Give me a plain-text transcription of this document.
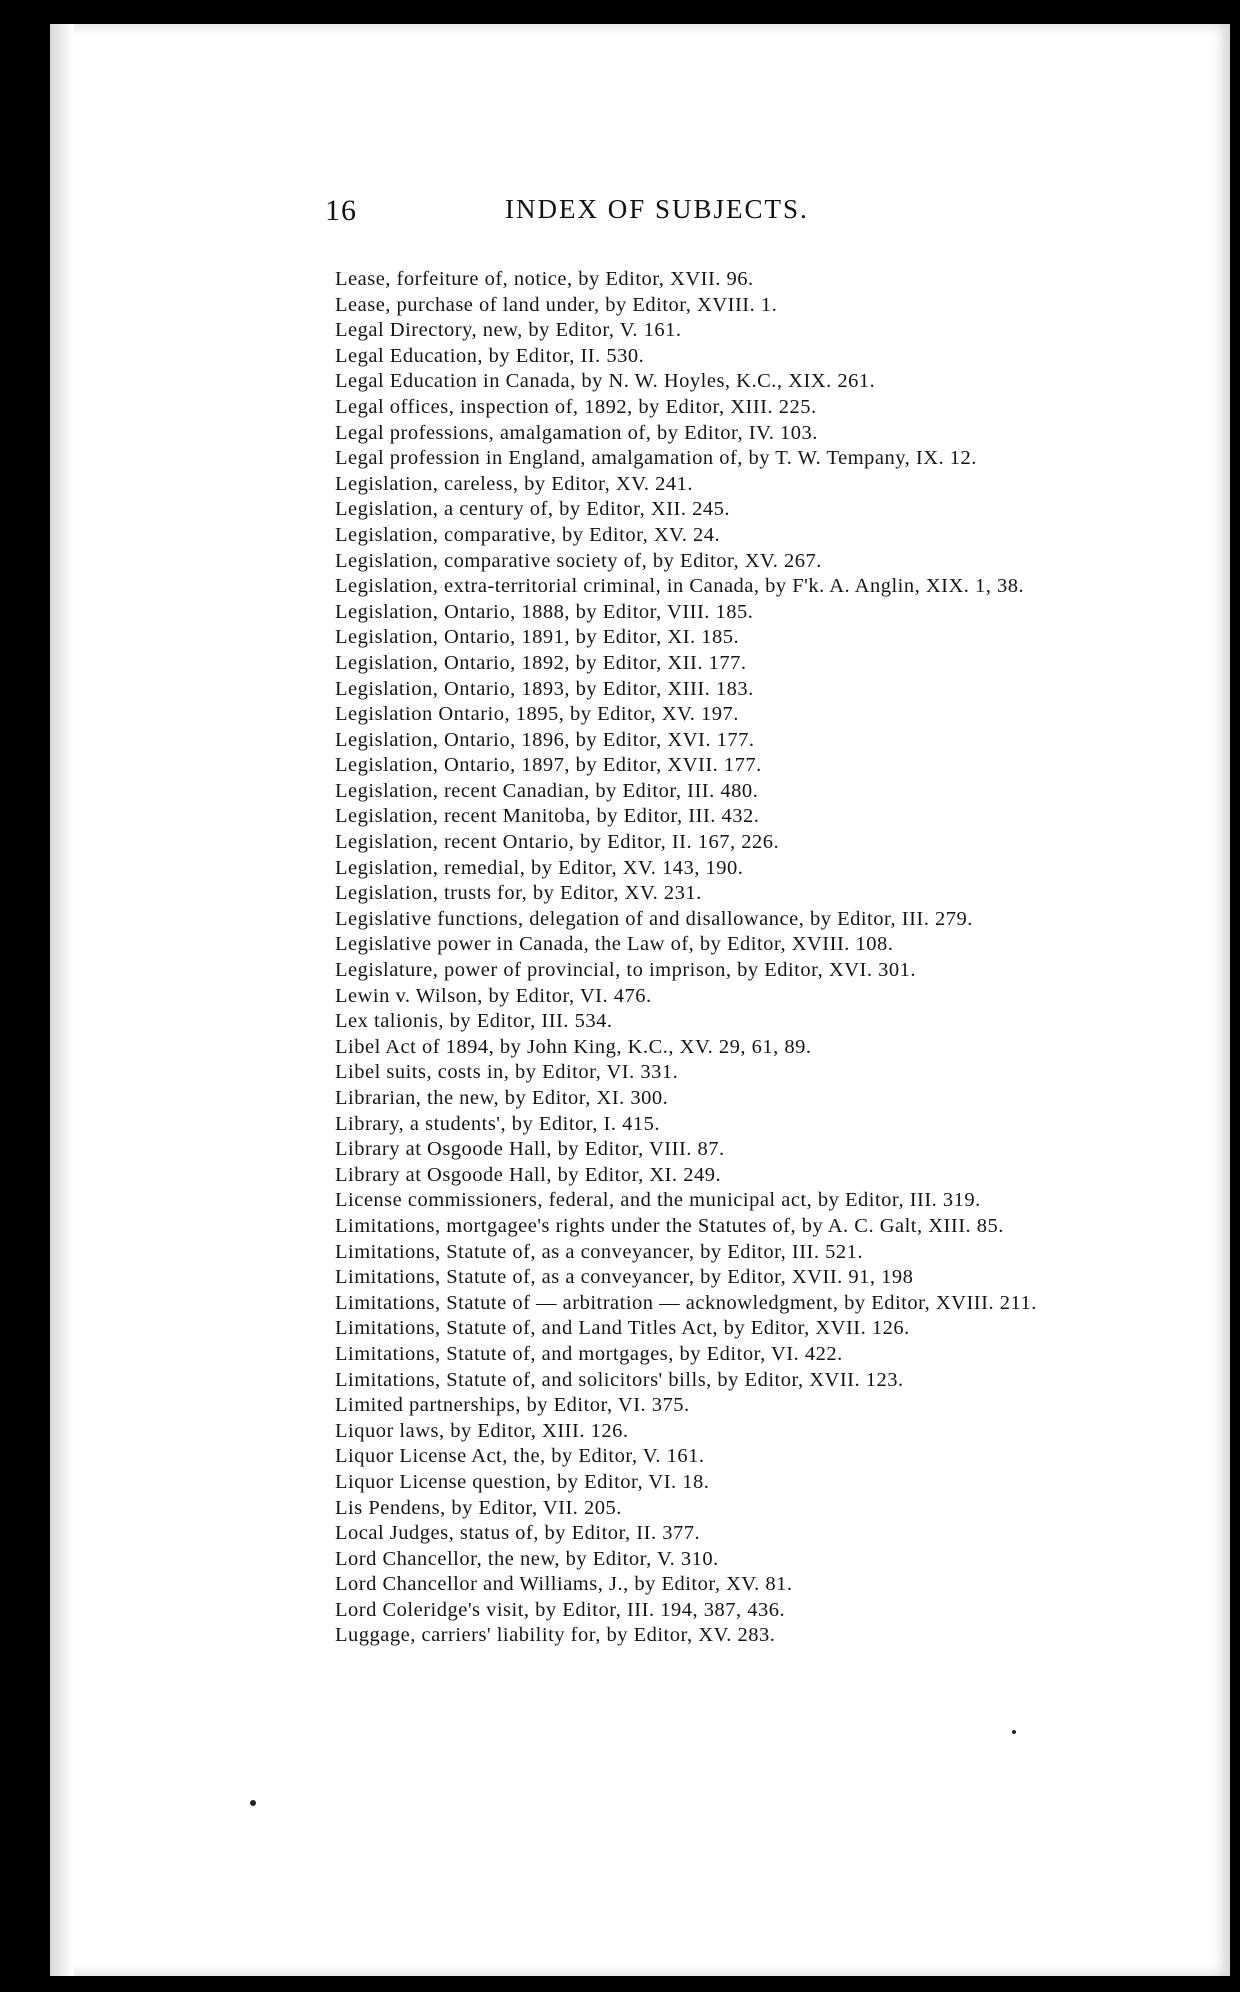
16	INDEX OF SUBJECTS.
Lease, forfeiture of, notice, by Editor, XVII. 96.
Lease, purchase of land under, by Editor, XVIII. 1.
Legal Directory, new, by Editor, V. 161.
Legal Education, by Editor, II. 530.
Legal Education in Canada, by N. W. Hoyles, K.C., XIX. 261.
Legal offices, inspection of, 1892, by Editor, XIII. 225.
Legal professions, amalgamation of, by Editor, IV. 103.
Legal profession in England, amalgamation of, by T. W. Tempany, IX. 12.
Legislation, careless, by Editor, XV. 241.
Legislation, a century of, by Editor, XII. 245.
Legislation, comparative, by Editor, XV. 24.
Legislation, comparative society of, by Editor, XV. 267.
Legislation, extra-territorial criminal, in Canada, by F'k. A. Anglin, XIX. 1, 38.
Legislation, Ontario, 1888, by Editor, VIII. 185.
Legislation, Ontario, 1891, by Editor, XI. 185.
Legislation, Ontario, 1892, by Editor, XII. 177.
Legislation, Ontario, 1893, by Editor, XIII. 183.
Legislation Ontario, 1895, by Editor, XV. 197.
Legislation, Ontario, 1896, by Editor, XVI. 177.
Legislation, Ontario, 1897, by Editor, XVII. 177.
Legislation, recent Canadian, by Editor, III. 480.
Legislation, recent Manitoba, by Editor, III. 432.
Legislation, recent Ontario, by Editor, II. 167, 226.
Legislation, remedial, by Editor, XV. 143, 190.
Legislation, trusts for, by Editor, XV. 231.
Legislative functions, delegation of and disallowance, by Editor, III. 279.
Legislative power in Canada, the Law of, by Editor, XVIII. 108.
Legislature, power of provincial, to imprison, by Editor, XVI. 301.
Lewin v. Wilson, by Editor, VI. 476.
Lex talionis, by Editor, III. 534.
Libel Act of 1894, by John King, K.C., XV. 29, 61, 89.
Libel suits, costs in, by Editor, VI. 331.
Librarian, the new, by Editor, XI. 300.
Library, a students', by Editor, I. 415.
Library at Osgoode Hall, by Editor, VIII. 87.
Library at Osgoode Hall, by Editor, XI. 249.
License commissioners, federal, and the municipal act, by Editor, III. 319.
Limitations, mortgagee's rights under the Statutes of, by A. C. Galt, XIII. 85.
Limitations, Statute of, as a conveyancer, by Editor, III. 521.
Limitations, Statute of, as a conveyancer, by Editor, XVII. 91, 198
Limitations, Statute of — arbitration — acknowledgment, by Editor, XVIII. 211.
Limitations, Statute of, and Land Titles Act, by Editor, XVII. 126.
Limitations, Statute of, and mortgages, by Editor, VI. 422.
Limitations, Statute of, and solicitors' bills, by Editor, XVII. 123.
Limited partnerships, by Editor, VI. 375.
Liquor laws, by Editor, XIII. 126.
Liquor License Act, the, by Editor, V. 161.
Liquor License question, by Editor, VI. 18.
Lis Pendens, by Editor, VII. 205.
Local Judges, status of, by Editor, II. 377.
Lord Chancellor, the new, by Editor, V. 310.
Lord Chancellor and Williams, J., by Editor, XV. 81.
Lord Coleridge's visit, by Editor, III. 194, 387, 436.
Luggage, carriers' liability for, by Editor, XV. 283.
